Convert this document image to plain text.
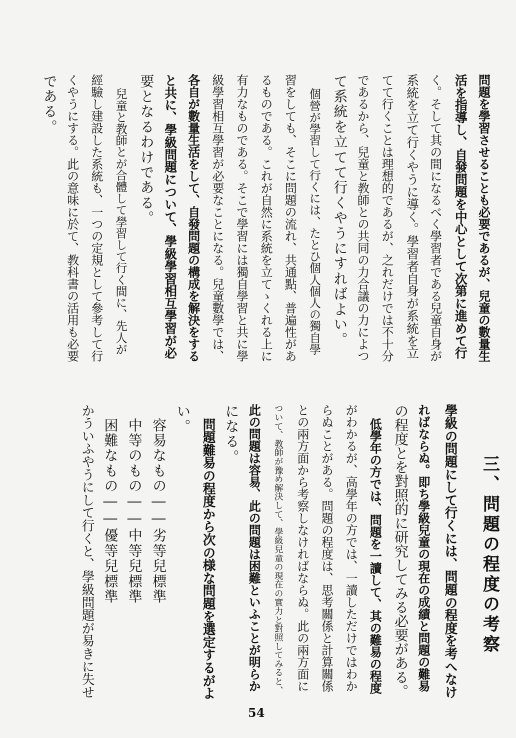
問題を學習させることも必要であるが、兒童の數量生
活を指導し、自發問題を中心として次第に進めて行
く。そして其の間になるべく學習者である兒童自身が
系統を立て行くやうに導く。學習者自身が系統を立
てて行くことは理想的であるが、之れだけでは不十分
であるから、兒童と教師との共同の力合議の力によつ
て系統を立てて行くやうにすればよい。
個營が學習して行くには、たとひ個人個人の獨自學
習をしても、そこに問題の流れ、共通點、普遍性があ
るものである。これが自然に系統を立てゝくれる上に
有力なものである。そこで學習には獨自學習と共に學
級學習相互學習が必要なことになる。兒童數學では、
各自が數量生活をして、自發問題の構成を解決をする
と共に、學級問題について、學級學習相互學習が必
要となるわけである。
兒童と教師とが合體して學習して行く間に、先人が
經驗し建設した系統も、一つの定規として參考して行
くやうにする。此の意味に於て、教科書の活用も必要
である。
三、問題の程度の考察
學級の問題にして行くには、問題の程度を考へなけ
ればならぬ。即ち學級兒童の現在の成績と問題の難易
の程度とを對照的に研究してみる必要がある。
低學年の方では、問題を一讀して、其の難易の程度
がわかるが、高學年の方では、一讀しただけではわか
らぬことがある。問題の程度は、思考關係と計算關係
との兩方面から考察しなければならぬ。此の兩方面に
ついて、教師が豫め解決して、學級兒童の現在の實力と對照してみると、
此の問題は容易、此の問題は困難といふことが明らか
になる。
問題難易の程度から次の様な問題を選定するがよ
い。
容易なもの――劣等兒標準
中等のもの――中等兒標準
困難なもの――優等兒標準
かういふやうにして行くと、學級問題が易きに失せ
54
